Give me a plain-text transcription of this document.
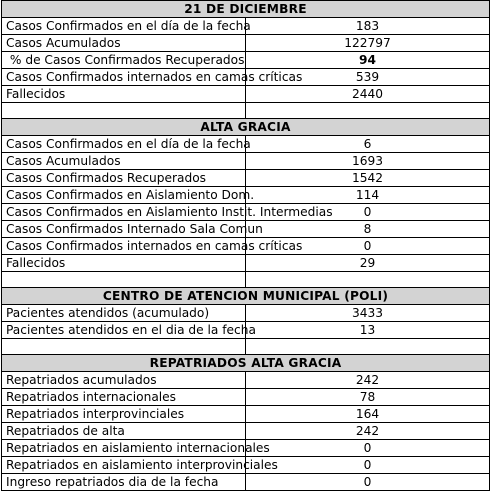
21 DE DICIEMBRE	
Casos Confirmados en el día de la fecha	183
Casos Acumulados	122797
% de Casos Confirmados Recuperados	94
Casos Confirmados internados en camas críticas	539
Fallecidos	2440

ALTA GRACIA	
Casos Confirmados en el día de la fecha	6
Casos Acumulados	1693
Casos Confirmados Recuperados	1542
Casos Confirmados en Aislamiento Dom.	114
Casos Confirmados en Aislamiento Instit. Intermedias	0
Casos Confirmados Internado Sala Comun	8
Casos Confirmados internados en camas críticas	0
Fallecidos	29

CENTRO DE ATENCION MUNICIPAL (POLI)	
Pacientes atendidos (acumulado)	3433
Pacientes atendidos en el dia de la fecha	13

REPATRIADOS ALTA GRACIA	
Repatriados acumulados	242
Repatriados internacionales	78
Repatriados interprovinciales	164
Repatriados de alta	242
Repatriados en aislamiento internacionales	0
Repatriados en aislamiento interprovinciales	0
Ingreso repatriados dia de la fecha	0
